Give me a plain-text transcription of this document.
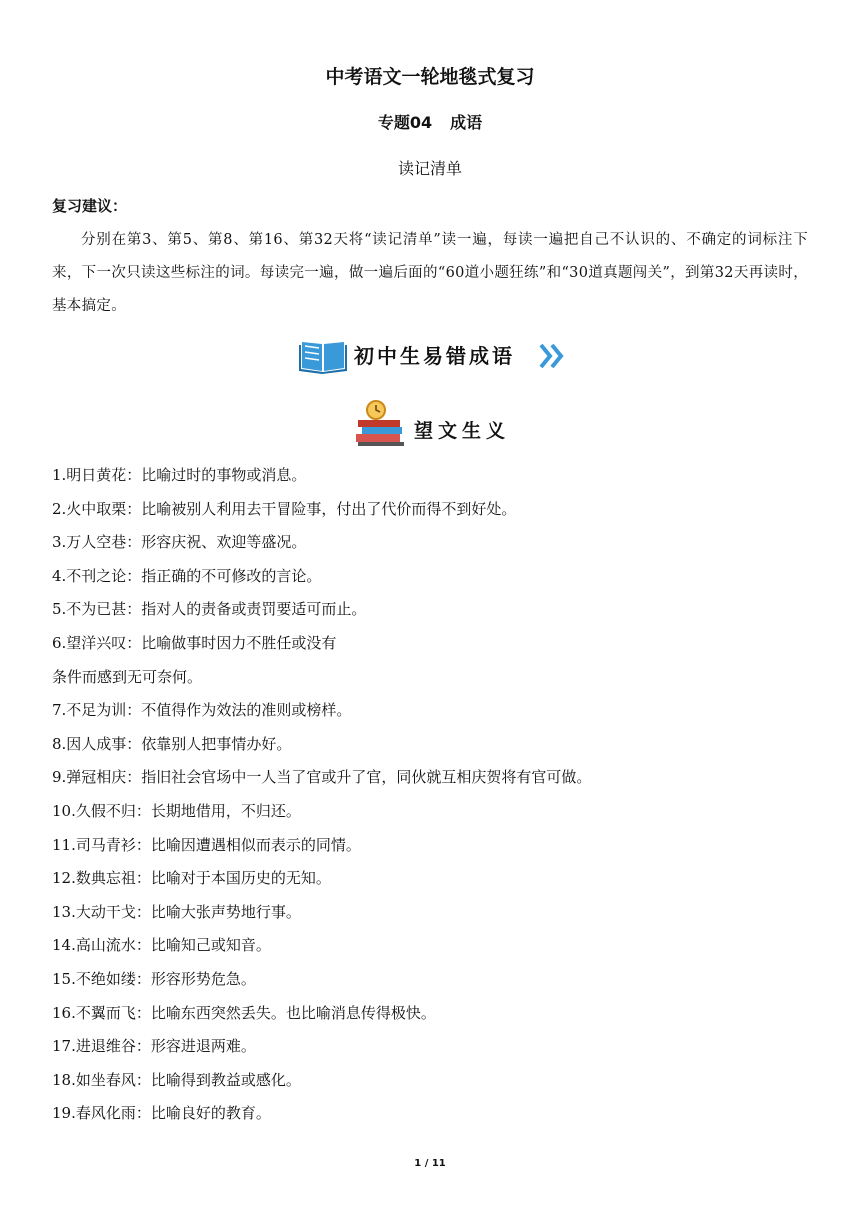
中考语文一轮地毯式复习
专题04 成语
读记清单
复习建议：
分别在第3、第5、第8、第16、第32天将“读记清单”读一遍，每读一遍把自己不认识的、不确定的词标注下来，下一次只读这些标注的词。每读完一遍，做一遍后面的“60道小题狂练”和“30道真题闯关”，到第32天再读时，基本搞定。
初中生易错成语
望文生义
1.明日黄花：比喻过时的事物或消息。
2.火中取栗：比喻被别人利用去干冒险事，付出了代价而得不到好处。
3.万人空巷：形容庆祝、欢迎等盛况。
4.不刊之论：指正确的不可修改的言论。
5.不为已甚：指对人的责备或责罚要适可而止。
6.望洋兴叹：比喻做事时因力不胜任或没有
条件而感到无可奈何。
7.不足为训：不值得作为效法的准则或榜样。
8.因人成事：依靠别人把事情办好。
9.弹冠相庆：指旧社会官场中一人当了官或升了官，同伙就互相庆贺将有官可做。
10.久假不归：长期地借用，不归还。
11.司马青衫：比喻因遭遇相似而表示的同情。
12.数典忘祖：比喻对于本国历史的无知。
13.大动干戈：比喻大张声势地行事。
14.高山流水：比喻知己或知音。
15.不绝如缕：形容形势危急。
16.不翼而飞：比喻东西突然丢失。也比喻消息传得极快。
17.进退维谷：形容进退两难。
18.如坐春风：比喻得到教益或感化。
19.春风化雨：比喻良好的教育。
1 / 11
